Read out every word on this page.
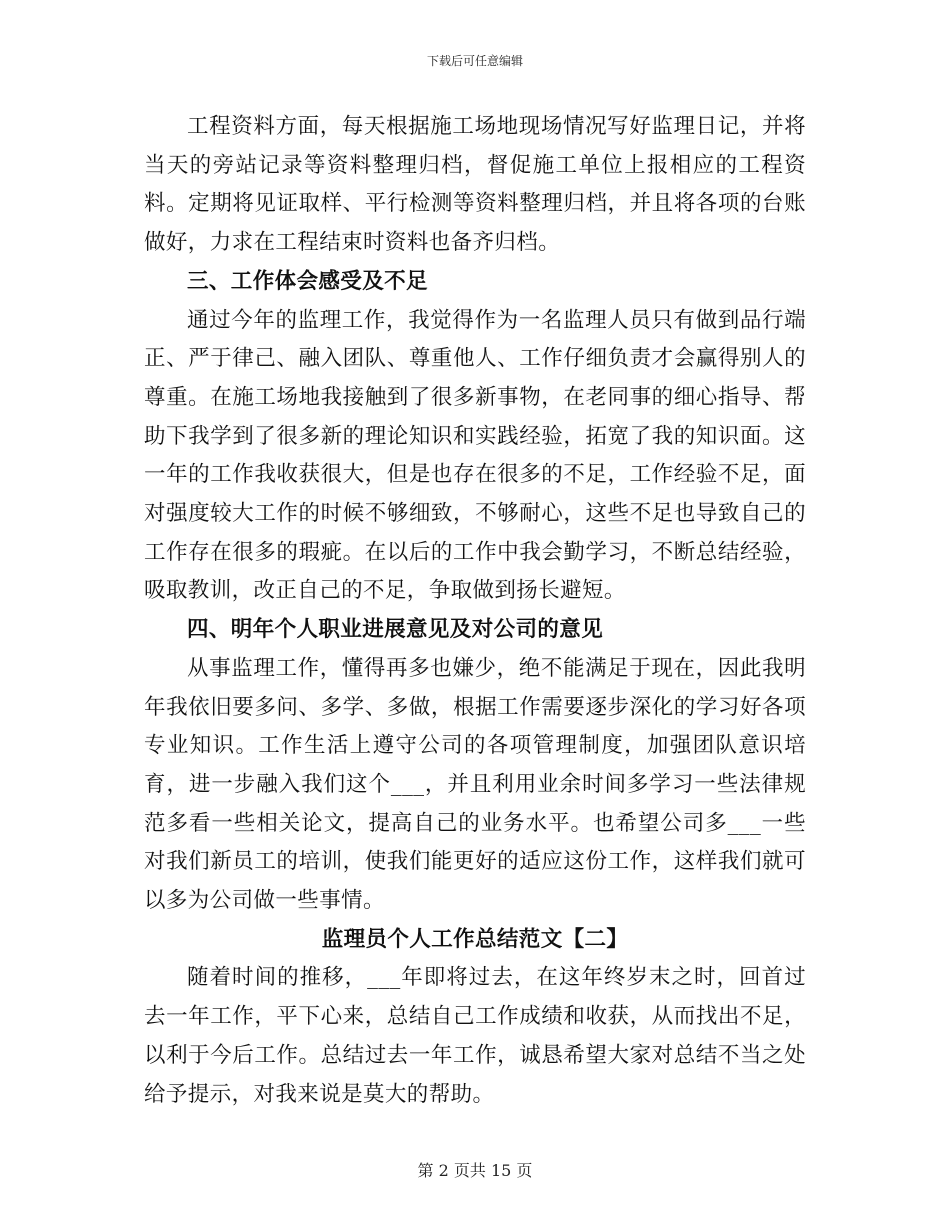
下载后可任意编辑

工程资料方面，每天根据施工场地现场情况写好监理日记，并将当天的旁站记录等资料整理归档，督促施工单位上报相应的工程资料。定期将见证取样、平行检测等资料整理归档，并且将各项的台账做好，力求在工程结束时资料也备齐归档。

三、工作体会感受及不足

通过今年的监理工作，我觉得作为一名监理人员只有做到品行端正、严于律己、融入团队、尊重他人、工作仔细负责才会赢得别人的尊重。在施工场地我接触到了很多新事物，在老同事的细心指导、帮助下我学到了很多新的理论知识和实践经验，拓宽了我的知识面。这一年的工作我收获很大，但是也存在很多的不足，工作经验不足，面对强度较大工作的时候不够细致，不够耐心，这些不足也导致自己的工作存在很多的瑕疵。在以后的工作中我会勤学习，不断总结经验，吸取教训，改正自己的不足，争取做到扬长避短。

四、明年个人职业进展意见及对公司的意见

从事监理工作，懂得再多也嫌少，绝不能满足于现在，因此我明年我依旧要多问、多学、多做，根据工作需要逐步深化的学习好各项专业知识。工作生活上遵守公司的各项管理制度，加强团队意识培育，进一步融入我们这个___，并且利用业余时间多学习一些法律规范多看一些相关论文，提高自己的业务水平。也希望公司多___一些对我们新员工的培训，使我们能更好的适应这份工作，这样我们就可以多为公司做一些事情。

监理员个人工作总结范文【二】

随着时间的推移，___年即将过去，在这年终岁末之时，回首过去一年工作，平下心来，总结自己工作成绩和收获，从而找出不足，以利于今后工作。总结过去一年工作，诚恳希望大家对总结不当之处给予提示，对我来说是莫大的帮助。

第 2 页共 15 页
